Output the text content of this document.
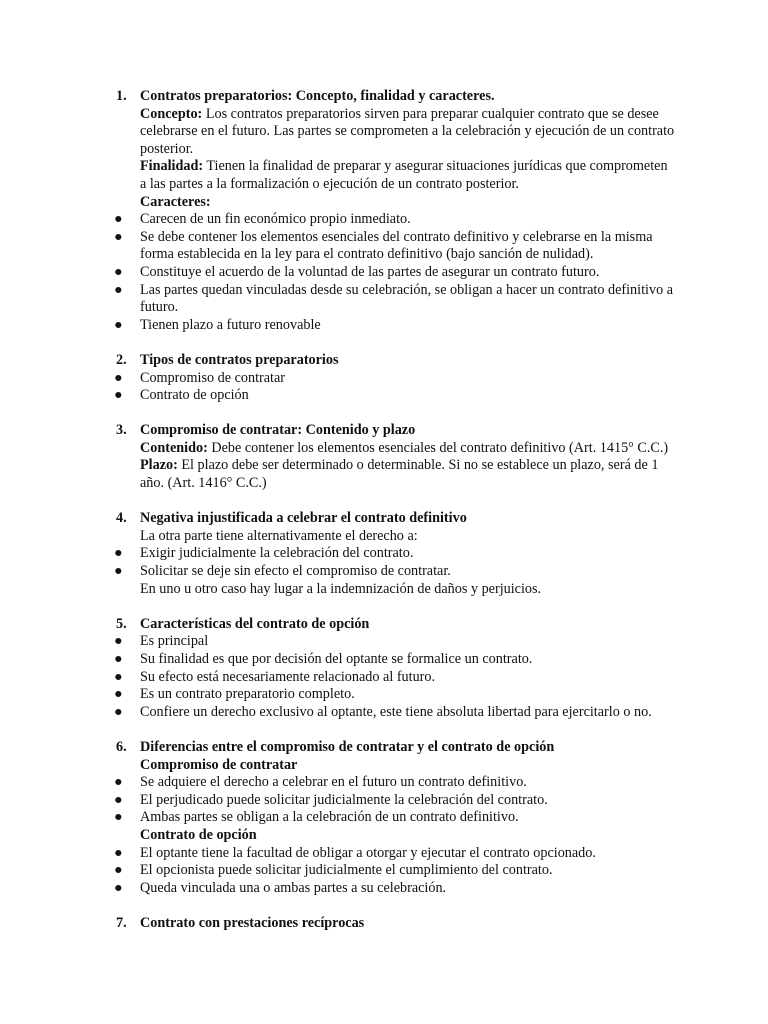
1. Contratos preparatorios: Concepto, finalidad y caracteres.
Concepto: Los contratos preparatorios sirven para preparar cualquier contrato que se desee
celebrarse en el futuro. Las partes se comprometen a la celebración y ejecución de un contrato
posterior.
Finalidad: Tienen la finalidad de preparar y asegurar situaciones jurídicas que comprometen
a las partes a la formalización o ejecución de un contrato posterior.
Caracteres:
● Carecen de un fin económico propio inmediato.
● Se debe contener los elementos esenciales del contrato definitivo y celebrarse en la misma
forma establecida en la ley para el contrato definitivo (bajo sanción de nulidad).
● Constituye el acuerdo de la voluntad de las partes de asegurar un contrato futuro.
● Las partes quedan vinculadas desde su celebración, se obligan a hacer un contrato definitivo a
futuro.
● Tienen plazo a futuro renovable
2. Tipos de contratos preparatorios
● Compromiso de contratar
● Contrato de opción
3. Compromiso de contratar: Contenido y plazo
Contenido: Debe contener los elementos esenciales del contrato definitivo (Art. 1415° C.C.)
Plazo: El plazo debe ser determinado o determinable. Si no se establece un plazo, será de 1
año. (Art. 1416° C.C.)
4. Negativa injustificada a celebrar el contrato definitivo
La otra parte tiene alternativamente el derecho a:
● Exigir judicialmente la celebración del contrato.
● Solicitar se deje sin efecto el compromiso de contratar.
En uno u otro caso hay lugar a la indemnización de daños y perjuicios.
5. Características del contrato de opción
● Es principal
● Su finalidad es que por decisión del optante se formalice un contrato.
● Su efecto está necesariamente relacionado al futuro.
● Es un contrato preparatorio completo.
● Confiere un derecho exclusivo al optante, este tiene absoluta libertad para ejercitarlo o no.
6. Diferencias entre el compromiso de contratar y el contrato de opción
Compromiso de contratar
● Se adquiere el derecho a celebrar en el futuro un contrato definitivo.
● El perjudicado puede solicitar judicialmente la celebración del contrato.
● Ambas partes se obligan a la celebración de un contrato definitivo.
Contrato de opción
● El optante tiene la facultad de obligar a otorgar y ejecutar el contrato opcionado.
● El opcionista puede solicitar judicialmente el cumplimiento del contrato.
● Queda vinculada una o ambas partes a su celebración.
7. Contrato con prestaciones recíprocas
